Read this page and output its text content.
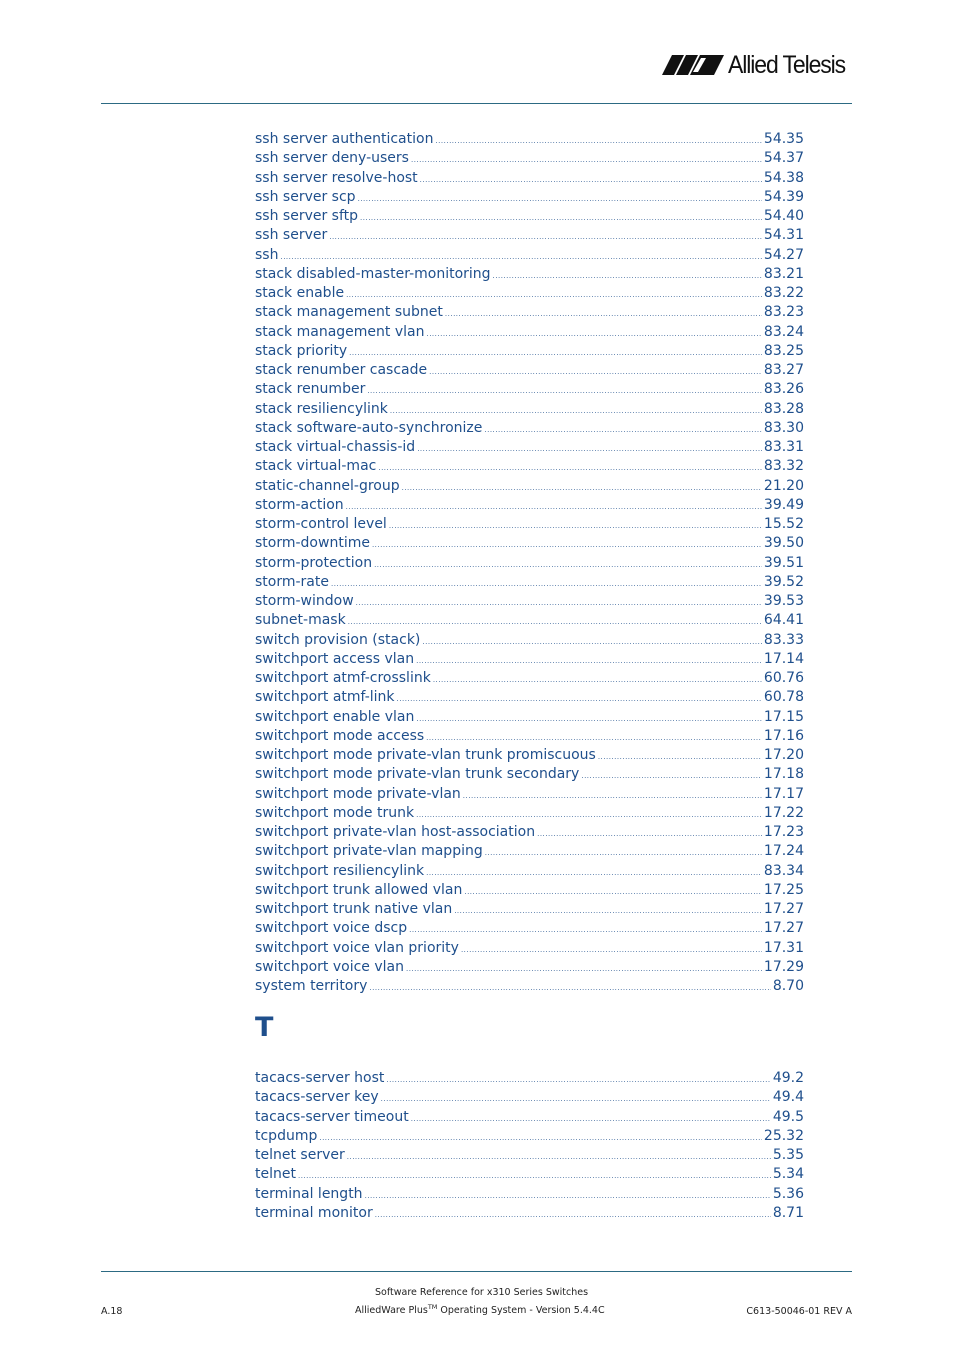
Allied Telesis
ssh server authentication .....	54.35
ssh server deny-users .....	54.37
ssh server resolve-host .....	54.38
ssh server scp .....	54.39
ssh server sftp .....	54.40
ssh server .....	54.31
ssh .....	54.27
stack disabled-master-monitoring .....	83.21
stack enable .....	83.22
stack management subnet .....	83.23
stack management vlan .....	83.24
stack priority .....	83.25
stack renumber cascade .....	83.27
stack renumber .....	83.26
stack resiliencylink .....	83.28
stack software-auto-synchronize .....	83.30
stack virtual-chassis-id .....	83.31
stack virtual-mac .....	83.32
static-channel-group .....	21.20
storm-action .....	39.49
storm-control level .....	15.52
storm-downtime .....	39.50
storm-protection .....	39.51
storm-rate .....	39.52
storm-window .....	39.53
subnet-mask .....	64.41
switch provision (stack) .....	83.33
switchport access vlan .....	17.14
switchport atmf-crosslink .....	60.76
switchport atmf-link .....	60.78
switchport enable vlan .....	17.15
switchport mode access .....	17.16
switchport mode private-vlan trunk promiscuous .....	17.20
switchport mode private-vlan trunk secondary .....	17.18
switchport mode private-vlan .....	17.17
switchport mode trunk .....	17.22
switchport private-vlan host-association .....	17.23
switchport private-vlan mapping .....	17.24
switchport resiliencylink .....	83.34
switchport trunk allowed vlan .....	17.25
switchport trunk native vlan .....	17.27
switchport voice dscp .....	17.27
switchport voice vlan priority .....	17.31
switchport voice vlan .....	17.29
system territory .....	8.70
T
tacacs-server host .....	49.2
tacacs-server key .....	49.4
tacacs-server timeout .....	49.5
tcpdump .....	25.32
telnet server .....	5.35
telnet .....	5.34
terminal length .....	5.36
terminal monitor .....	8.71
Software Reference for x310 Series Switches
A.18	AlliedWare Plus™ Operating System - Version 5.4.4C	C613-50046-01 REV A
